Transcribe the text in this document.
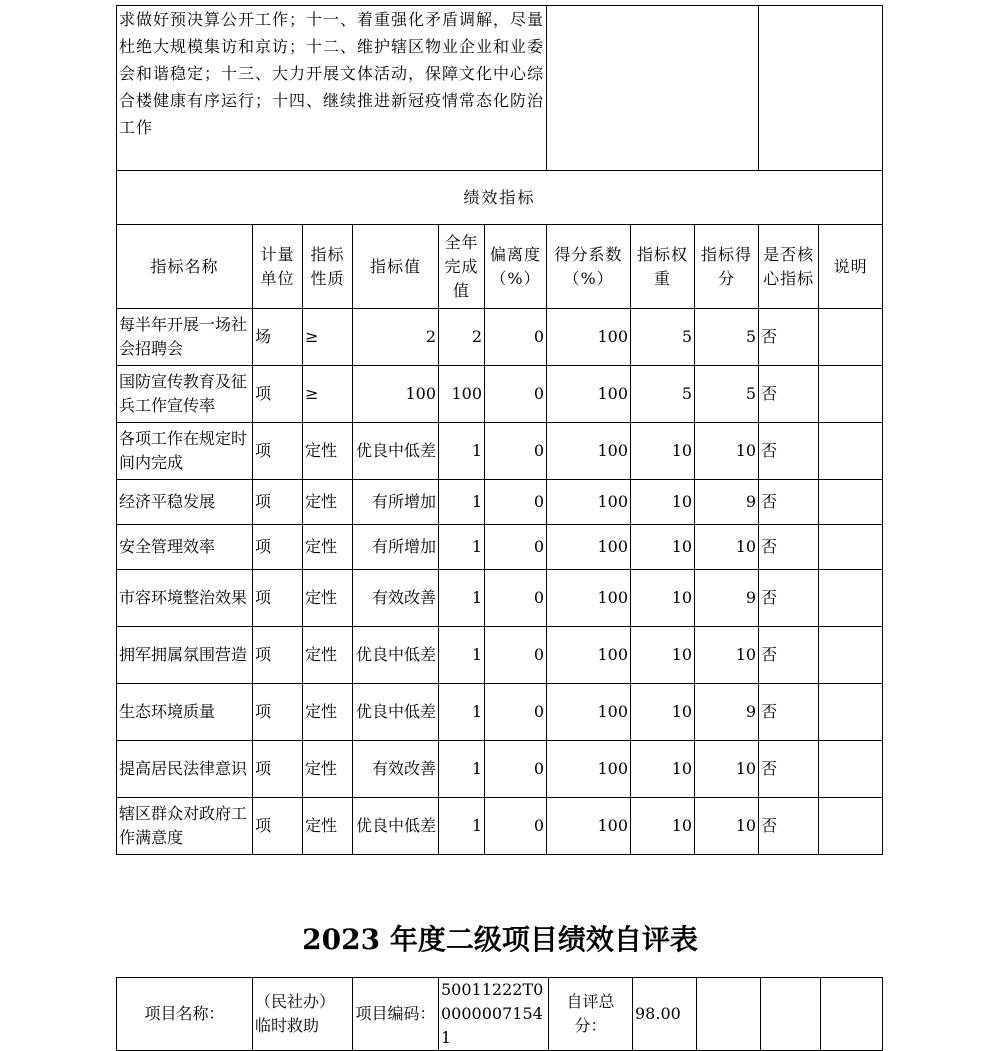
求做好预决算公开工作；十一、着重强化矛盾调解，尽量杜绝大规模集访和京访；十二、维护辖区物业企业和业委会和谐稳定；十三、大力开展文体活动，保障文化中心综合楼健康有序运行；十四、继续推进新冠疫情常态化防治工作										
绩效指标										
指标名称	计量单位	指标性质	指标值	全年完成值	偏离度（%）	得分系数（%）	指标权重	指标得分	是否核心指标	说明
每半年开展一场社会招聘会	场	≥	2	2	0	100	5	5	否	
国防宣传教育及征兵工作宣传率	项	≥	100	100	0	100	5	5	否	
各项工作在规定时间内完成	项	定性	优良中低差	1	0	100	10	10	否	
经济平稳发展	项	定性	有所增加	1	0	100	10	9	否	
安全管理效率	项	定性	有所增加	1	0	100	10	10	否	
市容环境整治效果	项	定性	有效改善	1	0	100	10	9	否	
拥军拥属氛围营造	项	定性	优良中低差	1	0	100	10	10	否	
生态环境质量	项	定性	优良中低差	1	0	100	10	9	否	
提高居民法律意识	项	定性	有效改善	1	0	100	10	10	否	
辖区群众对政府工作满意度	项	定性	优良中低差	1	0	100	10	10	否	
2023 年度二级项目绩效自评表
项目名称：	（民社办）临时救助	项目编码：	50011222T000000071541	自评总分：	98.00			
